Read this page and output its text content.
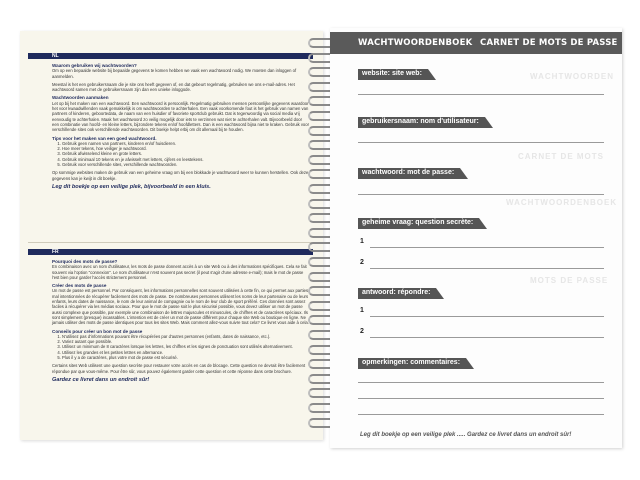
NL
Waarom gebruiken wij wachtwoorden?

Om op een bepaalde website bij bepaalde gegevens te komen hebben we vaak een wachtwoord nodig. We moeten dan inloggen of aanmelden.

Meestal is het een gebruikersnaam die je site ons heeft gegeven of, en dat gebeurt regelmatig, gebruiken we ons e-mail-adres. Het wachtwoord samen met de gebruikersnaam zijn dan een unieke inloggode.

Wachtwoorden aanmaken

Let op bij het maken van een wachtwoord. Een wachtwoord is persoonlijk. Regelmatig gebruiken mensen persoonlijke gegevens waardoor het voor kwaadwillenden vaak gemakkelijk is om wachtwoorden te achterhalen. Een vaak voorkomende fout is het gebruik van namen van partners of kinderen, geboortedata, de naam van een huisdier of favoriete sportclub gebruikt. Dat is tegenwoordig via social media vrij eenvoudig te achterhalen. Maak het wachtwoord zo veilig mogelijk door iets te verzinnen wat niet te achterhalen valt. Bijvoorbeeld door een combinatie van hoofd- en kleine letters, bijzondere tekens en/of hoofdletters. Dan is een wachtwoord bijna niet te kraken. Gebruik voor verschillende sites ook verschillende wachtwoorden. Dit boekje helpt erbij om dit allemaal bij te houden.

Tips voor het maken van een goed wachtwoord.
1. Gebruik geen namen van partners, kinderen en/of huisdieren.
2. Hoe meer tekens, hoe veiliger je wachtwoord.
3. Gebruik afwisselend kleine en grote letters.
4. Gebruik minimaal 10 tekens en je afwisselt met letters, cijfers en leestekens.
5. Gebruik voor verschillende sites, verschillende wachtwoorden.

Op sommige websites maken de gebruik van een geheime vraag om bij een blokkade je wachtwoord weer te kunnen herstellen. Ook deze gegevens kan je kwijt in dit boekje.

Leg dit boekje op een veilige plek, bijvoorbeeld in een kluis.
FR
Pourquoi des mots de passe?

En combinaison avec un nom d'utilisateur, les mots de passe donnent accès à un site Web ou à des informations spécifiques. Cela se fait souvent via l'option "connexion". Le nom d'utilisateur n'est souvent pas secret (il peut s'agir d'une adresse e-mail); mais le mot de passe l'est bien pour garder l'accès strictement personnel.

Créer des mots de passe

Un mot de passe est personnel. Par conséquent, les informations personnelles sont souvent utilisées à cette fin, ce qui permet aux parties mal intentionnées de récupérer facilement des mots de passe. De nombreuses personnes utilisent les noms de leur partenaire ou de leurs enfants, leurs dates de naissance, le nom de leur animal de compagnie ou le nom de leur club de sport préféré. Ces données sont assez faciles à récupérer via les médias sociaux. Pour que le mot de passe soit le plus sécurisé possible, vous devez utiliser un mot de passe aussi complexe que possible, par exemple une combinaison de lettres majuscules et minuscules, de chiffres et de caractères spéciaux. Ils sont simplement (presque) incassables. L'intention est de créer un mot de passe différent pour chaque site Web ou boutique en ligne. Ne jamais utiliser des mots de passe identiques pour tous les sites Web. Mais comment allez-vous suivre tout cela? Ce livret vous aide à cela.

Conseils pour créer un bon mot de passe
1. N'utilisez pas d'informations pouvant être récupérées par d'autres personnes (enfants, dates de naissance, etc.).
2. Variez autant que possible.
3. Utilisez un minimum de 8 caractères lorsque les lettres, les chiffres et les signes de ponctuation sont utilisés alternativement.
4. Utilisez les grandes et les petites lettres en alternance.
5. Plus il y a de caractères, plus votre mot de passe est sécurisé.

Certains sites Web utilisent une question secrète pour restaurer votre accès en cas de blocage. Cette question ne devrait être facilement répondue par que vous-même. Pour être sûr, vous pouvez également garder cette question et cette réponse dans cette brochure.

Gardez ce livret dans un endroit sûr!
WACHTWOORDENBOEK CARNET DE MOTS DE PASSE
WACHTWOORDEN
CARNET DE MOTS
WACHTWOORDENBOEK
MOTS DE PASSE
website: site web:
gebruikersnaam: nom d'utilisateur:
wachtwoord: mot de passe:
geheime vraag: question secrète:
1
2
antwoord: répondre:
1
2
opmerkingen: commentaires:
Leg dit boekje op een veilige plek ..... Gardez ce livret dans un endroit sûr!
